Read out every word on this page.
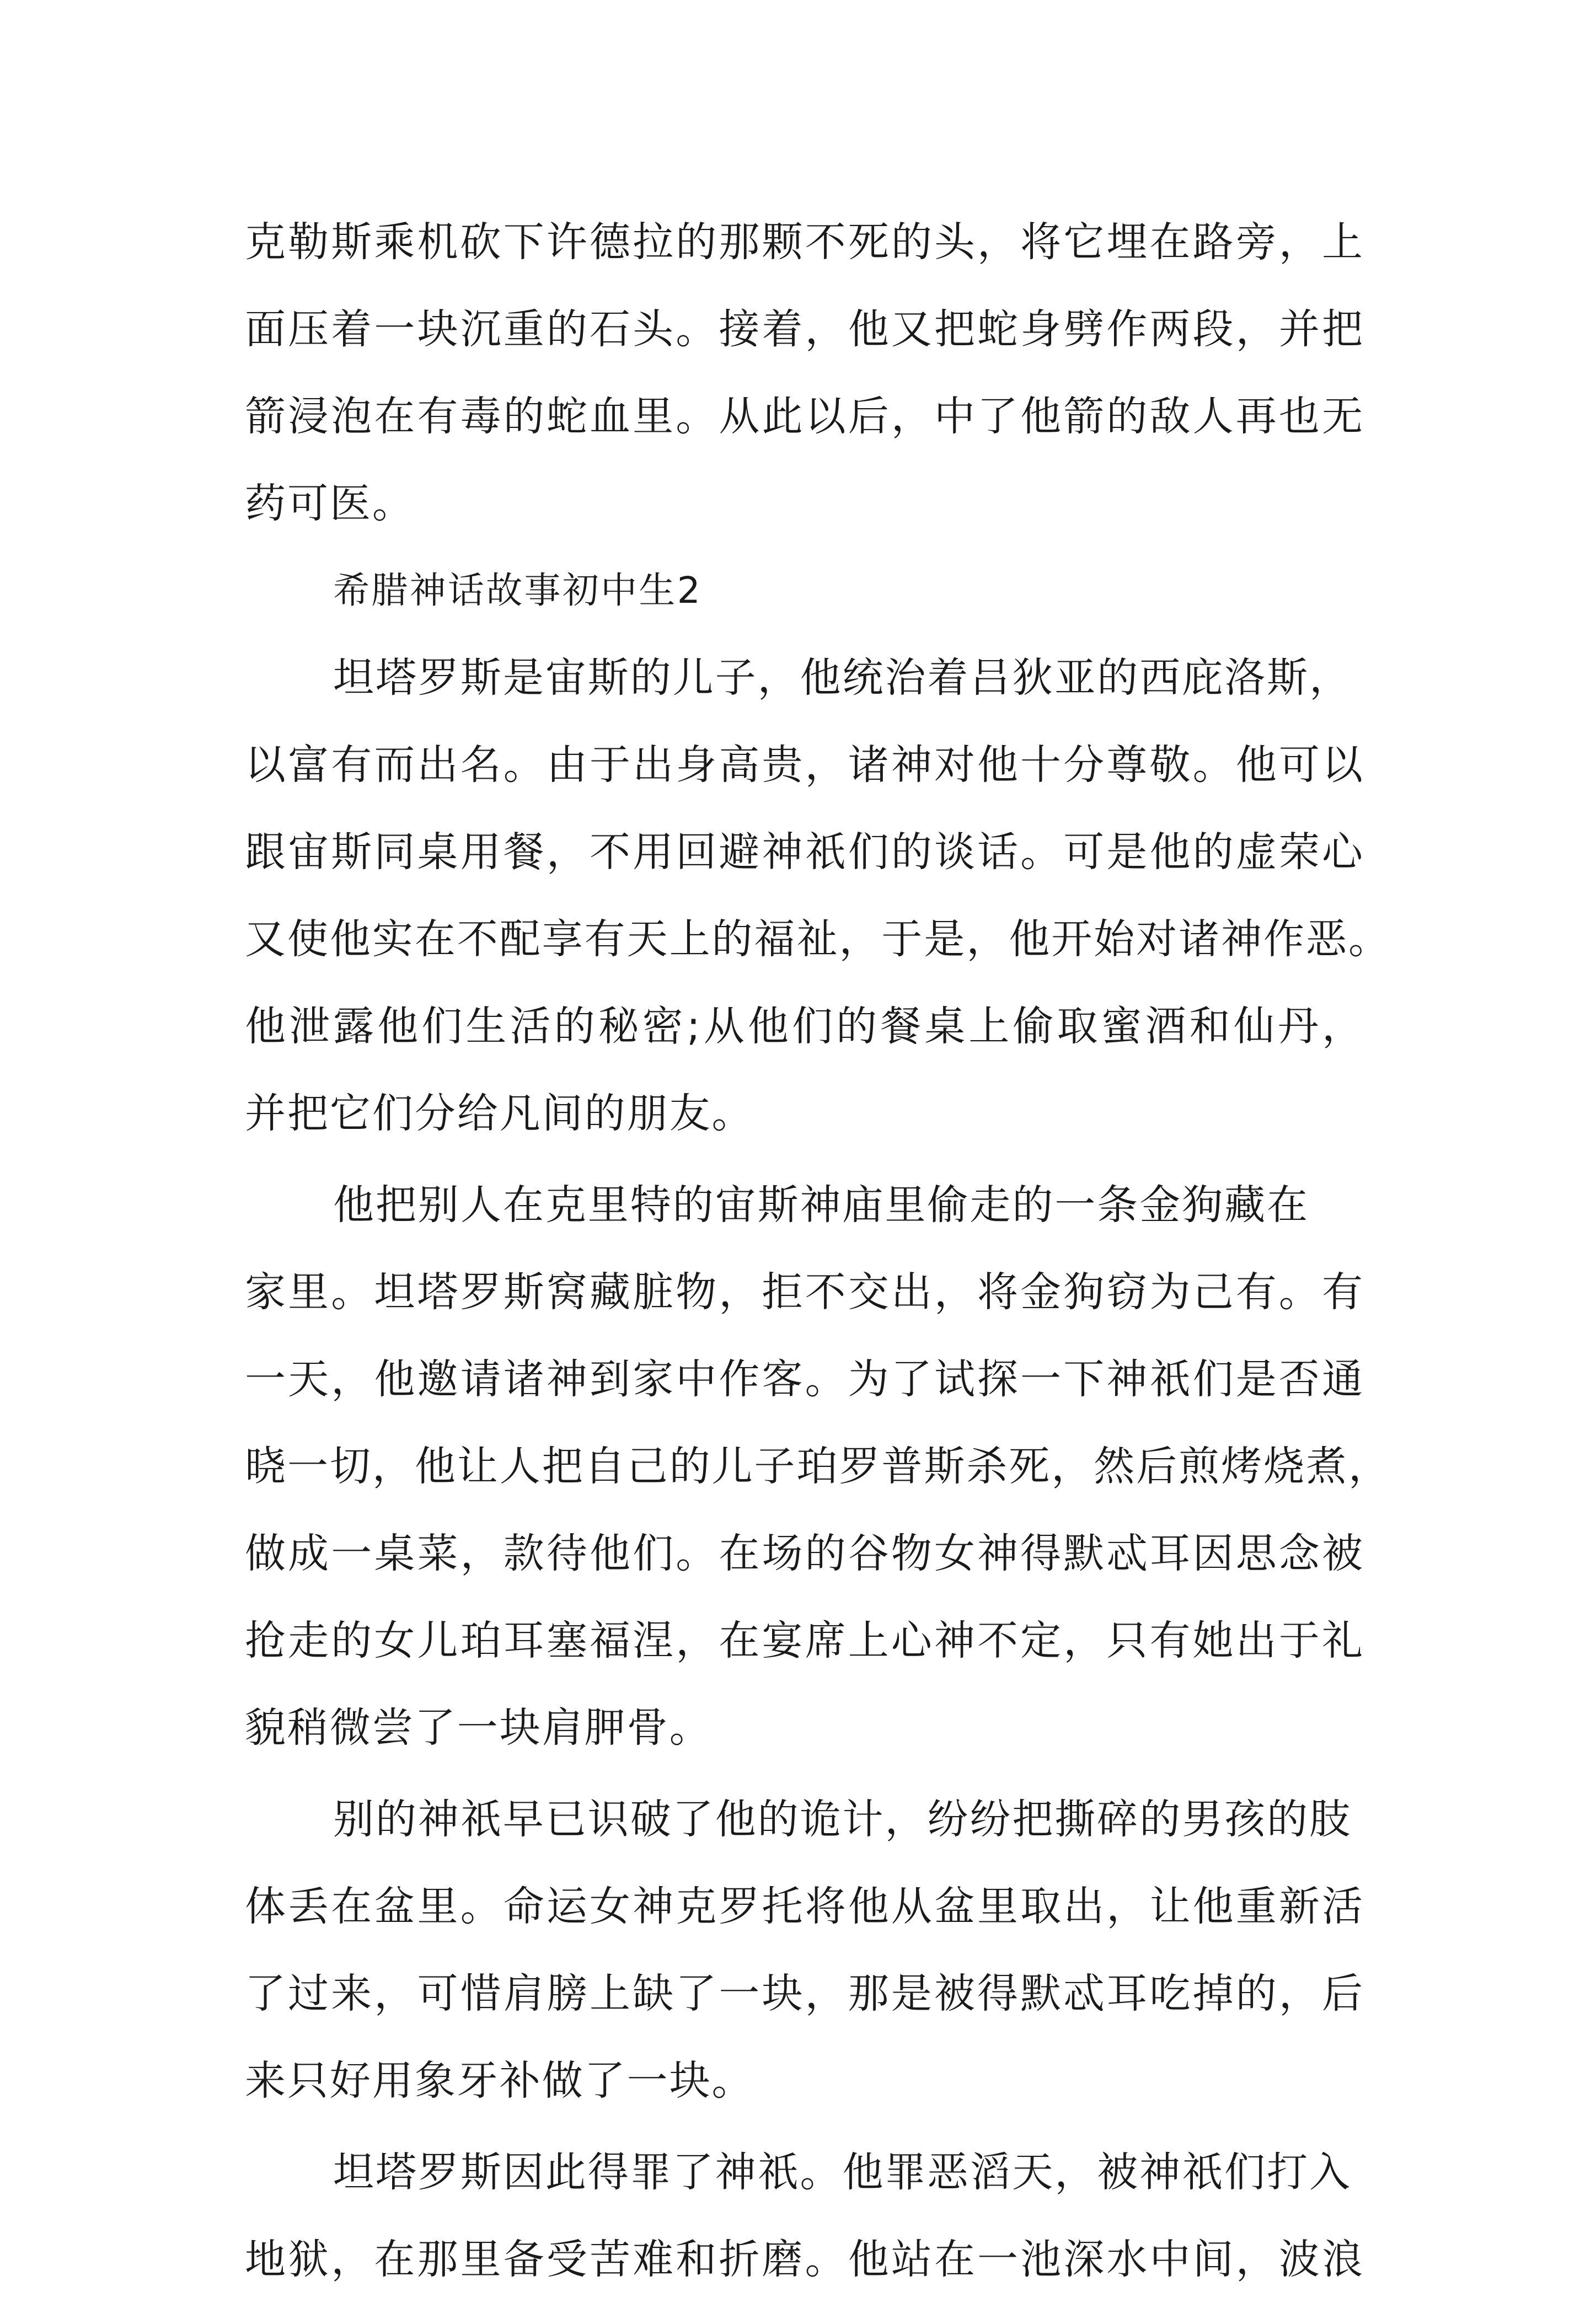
克勒斯乘机砍下许德拉的那颗不死的头，将它埋在路旁，上
面压着一块沉重的石头。接着，他又把蛇身劈作两段，并把
箭浸泡在有毒的蛇血里。从此以后，中了他箭的敌人再也无
药可医。
希腊神话故事初中生2
坦塔罗斯是宙斯的儿子，他统治着吕狄亚的西庇洛斯，
以富有而出名。由于出身高贵，诸神对他十分尊敬。他可以
跟宙斯同桌用餐，不用回避神祇们的谈话。可是他的虚荣心
又使他实在不配享有天上的福祉，于是，他开始对诸神作恶。
他泄露他们生活的秘密;从他们的餐桌上偷取蜜酒和仙丹，
并把它们分给凡间的朋友。
他把别人在克里特的宙斯神庙里偷走的一条金狗藏在
家里。坦塔罗斯窝藏脏物，拒不交出，将金狗窃为己有。有
一天，他邀请诸神到家中作客。为了试探一下神祇们是否通
晓一切，他让人把自己的儿子珀罗普斯杀死，然后煎烤烧煮，
做成一桌菜，款待他们。在场的谷物女神得默忒耳因思念被
抢走的女儿珀耳塞福涅，在宴席上心神不定，只有她出于礼
貌稍微尝了一块肩胛骨。
别的神祇早已识破了他的诡计，纷纷把撕碎的男孩的肢
体丢在盆里。命运女神克罗托将他从盆里取出，让他重新活
了过来，可惜肩膀上缺了一块，那是被得默忒耳吃掉的，后
来只好用象牙补做了一块。
坦塔罗斯因此得罪了神祇。他罪恶滔天，被神祇们打入
地狱，在那里备受苦难和折磨。他站在一池深水中间，波浪
